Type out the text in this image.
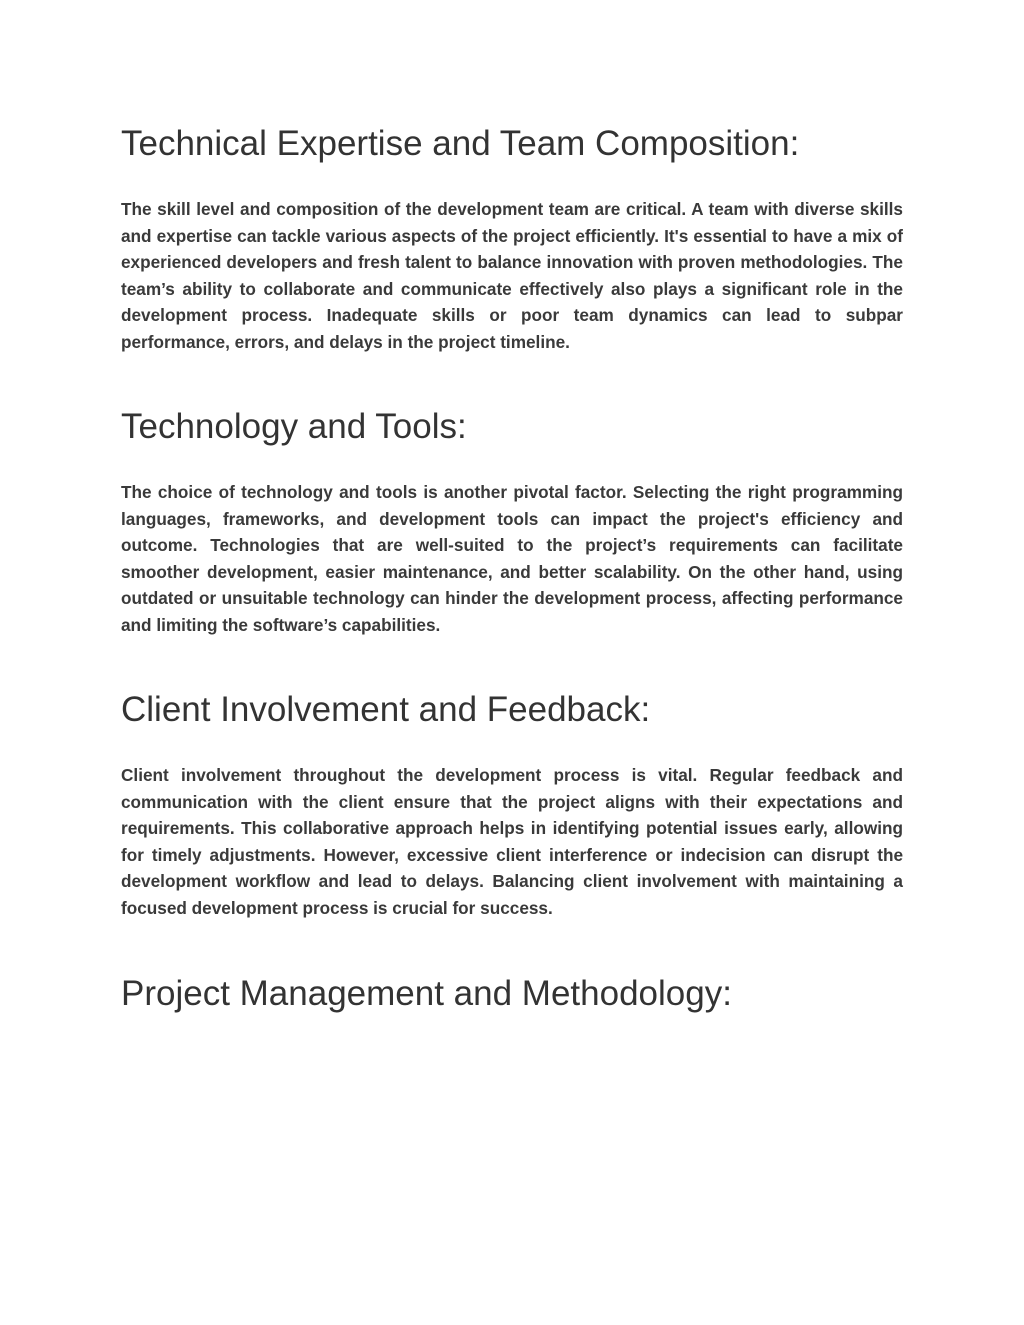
Technical Expertise and Team Composition:

The skill level and composition of the development team are critical. A team with diverse skills and expertise can tackle various aspects of the project efficiently. It's essential to have a mix of experienced developers and fresh talent to balance innovation with proven methodologies. The team’s ability to collaborate and communicate effectively also plays a significant role in the development process. Inadequate skills or poor team dynamics can lead to subpar performance, errors, and delays in the project timeline.

Technology and Tools:

The choice of technology and tools is another pivotal factor. Selecting the right programming languages, frameworks, and development tools can impact the project's efficiency and outcome. Technologies that are well-suited to the project’s requirements can facilitate smoother development, easier maintenance, and better scalability. On the other hand, using outdated or unsuitable technology can hinder the development process, affecting performance and limiting the software’s capabilities.

Client Involvement and Feedback:

Client involvement throughout the development process is vital. Regular feedback and communication with the client ensure that the project aligns with their expectations and requirements. This collaborative approach helps in identifying potential issues early, allowing for timely adjustments. However, excessive client interference or indecision can disrupt the development workflow and lead to delays. Balancing client involvement with maintaining a focused development process is crucial for success.

Project Management and Methodology:
